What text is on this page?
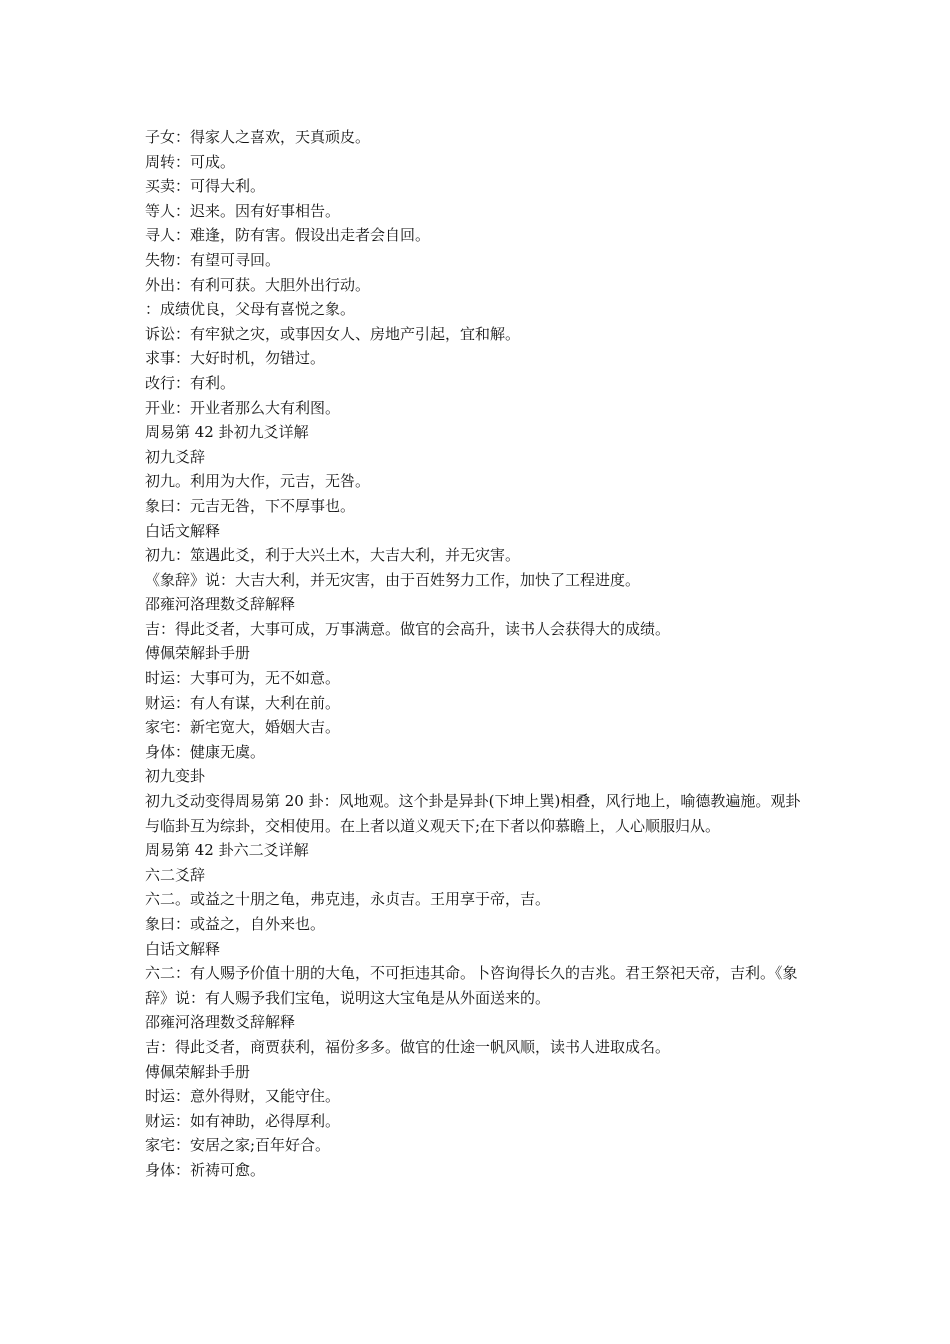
子女：得家人之喜欢，天真顽皮。

周转：可成。

买卖：可得大利。

等人：迟来。因有好事相告。

寻人：难逢，防有害。假设出走者会自回。

失物：有望可寻回。

外出：有利可获。大胆外出行动。

：成绩优良，父母有喜悦之象。

诉讼：有牢狱之灾，或事因女人、房地产引起，宜和解。

求事：大好时机，勿错过。

改行：有利。

开业：开业者那么大有利图。

周易第 42 卦初九爻详解

初九爻辞

初九。利用为大作，元吉，无咎。

象曰：元吉无咎，下不厚事也。

白话文解释

初九：筮遇此爻，利于大兴土木，大吉大利，并无灾害。

《象辞》说：大吉大利，并无灾害，由于百姓努力工作，加快了工程进度。

邵雍河洛理数爻辞解释

吉：得此爻者，大事可成，万事满意。做官的会高升，读书人会获得大的成绩。

傅佩荣解卦手册

时运：大事可为，无不如意。

财运：有人有谋，大利在前。

家宅：新宅宽大，婚姻大吉。

身体：健康无虞。

初九变卦

初九爻动变得周易第 20 卦：风地观。这个卦是异卦(下坤上巽)相叠，风行地上，喻德教遍施。观卦与临卦互为综卦，交相使用。在上者以道义观天下;在下者以仰慕瞻上，人心顺服归从。

周易第 42 卦六二爻详解

六二爻辞

六二。或益之十朋之龟，弗克违，永贞吉。王用享于帝，吉。

象曰：或益之，自外来也。

白话文解释

六二：有人赐予价值十朋的大龟，不可拒违其命。卜咨询得长久的吉兆。君王祭祀天帝，吉利。《象辞》说：有人赐予我们宝龟，说明这大宝龟是从外面送来的。

邵雍河洛理数爻辞解释

吉：得此爻者，商贾获利，福份多多。做官的仕途一帆风顺，读书人进取成名。

傅佩荣解卦手册

时运：意外得财，又能守住。

财运：如有神助，必得厚利。

家宅：安居之家;百年好合。

身体：祈祷可愈。
